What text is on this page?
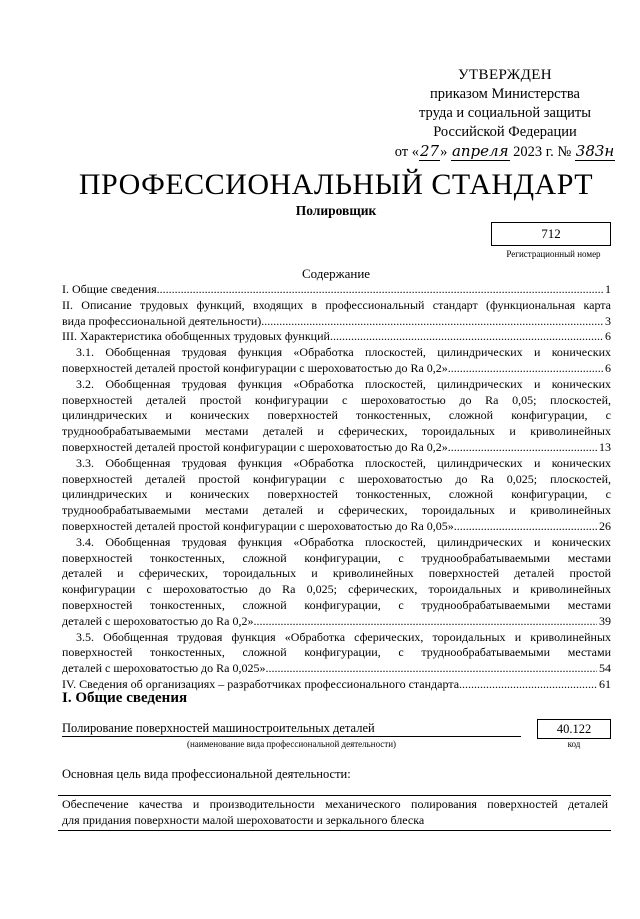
УТВЕРЖДЕН
приказом Министерства
труда и социальной защиты
Российской Федерации
от «27» апреля 2023 г. № 383н
ПРОФЕССИОНАЛЬНЫЙ СТАНДАРТ
Полировщик
712
Регистрационный номер
Содержание
I. Общие сведения .....	1
II. Описание трудовых функций, входящих в профессиональный стандарт (функциональная карта
вида профессиональной деятельности) .....	3
III. Характеристика обобщенных трудовых функций .....	6
3.1. Обобщенная трудовая функция «Обработка плоскостей, цилиндрических и конических
поверхностей деталей простой конфигурации с шероховатостью до Ra 0,2» .....	6
3.2. Обобщенная трудовая функция «Обработка плоскостей, цилиндрических и конических
поверхностей деталей простой конфигурации с шероховатостью до Ra 0,05; плоскостей,
цилиндрических и конических поверхностей тонкостенных, сложной конфигурации, с
труднообрабатываемыми местами деталей и сферических, тороидальных и криволинейных
поверхностей деталей простой конфигурации с шероховатостью до Ra 0,2» .....	13
3.3. Обобщенная трудовая функция «Обработка плоскостей, цилиндрических и конических
поверхностей деталей простой конфигурации с шероховатостью до Ra 0,025; плоскостей,
цилиндрических и конических поверхностей тонкостенных, сложной конфигурации, с
труднообрабатываемыми местами деталей и сферических, тороидальных и криволинейных
поверхностей деталей простой конфигурации с шероховатостью до Ra 0,05» .....	26
3.4. Обобщенная трудовая функция «Обработка плоскостей, цилиндрических и конических
поверхностей тонкостенных, сложной конфигурации, с труднообрабатываемыми местами
деталей и сферических, тороидальных и криволинейных поверхностей деталей простой
конфигурации с шероховатостью до Ra 0,025; сферических, тороидальных и криволинейных
поверхностей тонкостенных, сложной конфигурации, с труднообрабатываемыми местами
деталей с шероховатостью до Ra 0,2» .....	39
3.5. Обобщенная трудовая функция «Обработка сферических, тороидальных и криволинейных
поверхностей тонкостенных, сложной конфигурации, с труднообрабатываемыми местами
деталей с шероховатостью до Ra 0,025» .....	54
IV. Сведения об организациях – разработчиках профессионального стандарта .....	61
I. Общие сведения
Полирование поверхностей машиностроительных деталей
(наименование вида профессиональной деятельности)
40.122
код
Основная цель вида профессиональной деятельности:
Обеспечение качества и производительности механического полирования поверхностей деталей
для придания поверхности малой шероховатости и зеркального блеска
